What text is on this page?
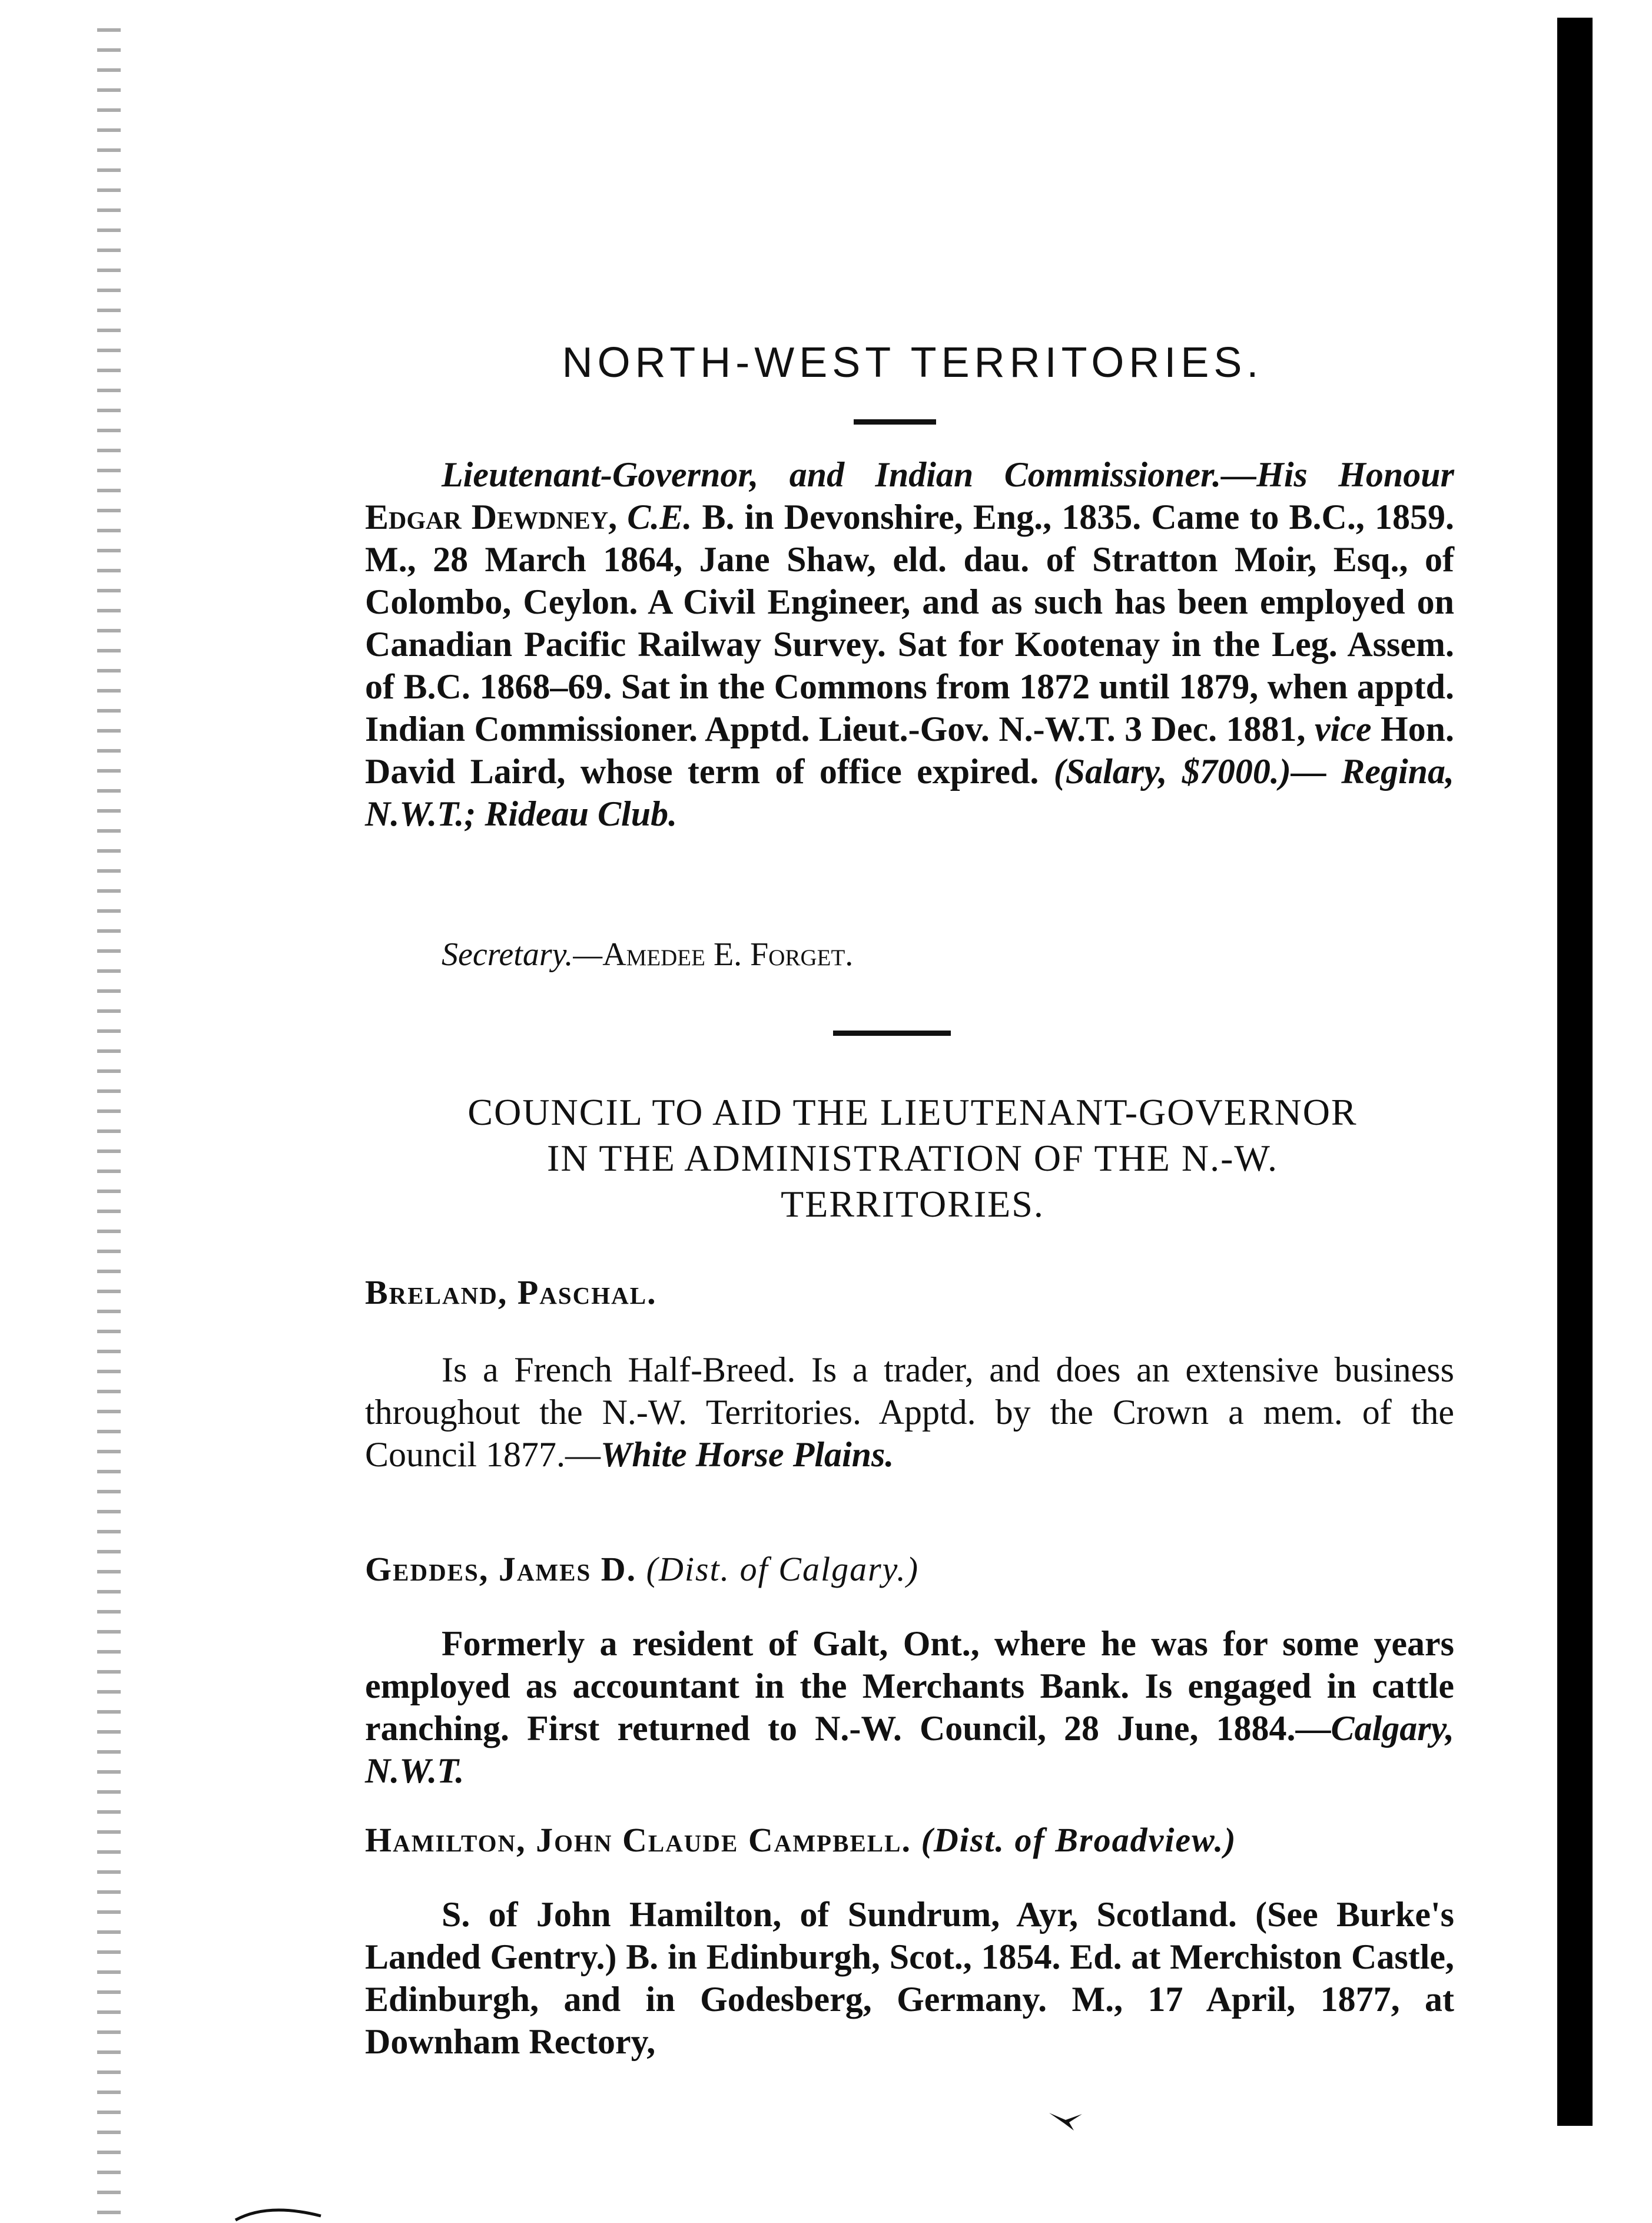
NORTH-WEST TERRITORIES.

Lieutenant-Governor, and Indian Commissioner.—His Honour Edgar Dewdney, C.E. B. in Devonshire, Eng., 1835. Came to B.C., 1859. M., 28 March 1864, Jane Shaw, eld. dau. of Stratton Moir, Esq., of Colombo, Ceylon. A Civil Engineer, and as such has been employed on Canadian Pacific Railway Survey. Sat for Kootenay in the Leg. Assem. of B.C. 1868–69. Sat in the Commons from 1872 until 1879, when apptd. Indian Commissioner. Apptd. Lieut.-Gov. N.-W.T. 3 Dec. 1881, vice Hon. David Laird, whose term of office expired. (Salary, $7000.)— Regina, N.W.T.; Rideau Club.

Secretary.—Amedee E. Forget.

COUNCIL TO AID THE LIEUTENANT-GOVERNOR
IN THE ADMINISTRATION OF THE N.-W.
TERRITORIES.
Breland, Paschal.

Is a French Half-Breed. Is a trader, and does an extensive business throughout the N.-W. Territories. Apptd. by the Crown a mem. of the Council 1877.—White Horse Plains.

Geddes, James D. (Dist. of Calgary.)

Formerly a resident of Galt, Ont., where he was for some years employed as accountant in the Merchants Bank. Is engaged in cattle ranching. First returned to N.-W. Council, 28 June, 1884.—Calgary, N.W.T.

Hamilton, John Claude Campbell. (Dist. of Broadview.)

S. of John Hamilton, of Sundrum, Ayr, Scotland. (See Burke's Landed Gentry.) B. in Edinburgh, Scot., 1854. Ed. at Merchiston Castle, Edinburgh, and in Godesberg, Germany. M., 17 April, 1877, at Downham Rectory,
